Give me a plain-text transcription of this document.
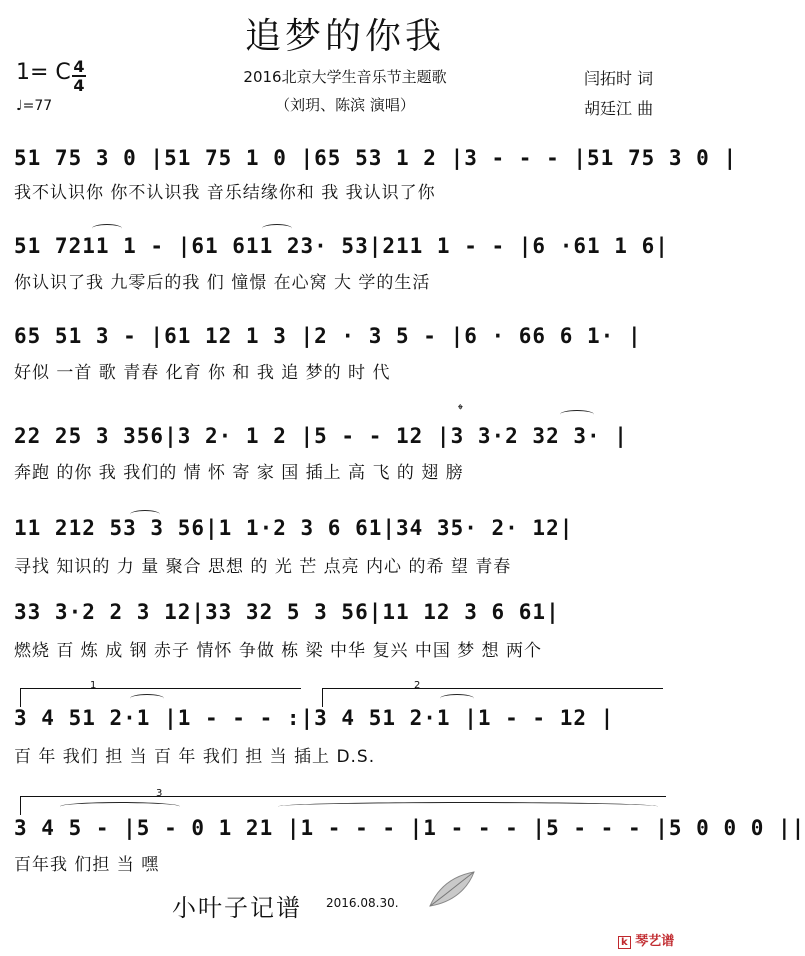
追梦的你我
1= C 4
4
♩=77
2016北京大学生音乐节主题歌
（刘玥、陈滨 演唱）
闫拓时 词
胡廷江 曲
51 75 3 0 |51 75 1 0 |65 53 1 2 |3 - - - |51 75 3 0 |
我不认识你 你不认识我 音乐结缘你和 我 我认识了你
51 7211 1 - |61 611 23· 53|211 1 - - |6 ·61 1 6|
你认识了我 九零后的我 们 憧憬 在心窝 大 学的生活
65 51 3 - |61 12 1 3 |2 · 3 5 - |6 · 66 6 1· |
好似 一首 歌 青春 化育 你 和 我 追 梦的 时 代
22 25 3 356|3 2· 1 2 |5 - - 12 |3 3·2 32 3· |
奔跑 的你 我 我们的 情 怀 寄 家 国 插上 高 飞 的 翅 膀
11 212 53 3 56|1 1·2 3 6 61|34 35· 2· 12|
寻找 知识的 力 量 聚合 思想 的 光 芒 点亮 内心 的希 望 青春
33 3·2 2 3 12|33 32 5 3 56|11 12 3 6 61|
燃烧 百 炼 成 钢 赤子 情怀 争做 栋 梁 中华 复兴 中国 梦 想 两个
1	2
3 4 51 2·1 |1 - - - :|3 4 51 2·1 |1 - - 12 |
百 年 我们 担 当 百 年 我们 担 当 插上 D.S.
3
3 4 5 - |5 - 0 1 21 |1 - - - |1 - - - |5 - - - |5 0 0 0 ||
百年我 们担 当 嘿
𝄌
小叶子记谱 2016.08.30.
k 琴艺谱
